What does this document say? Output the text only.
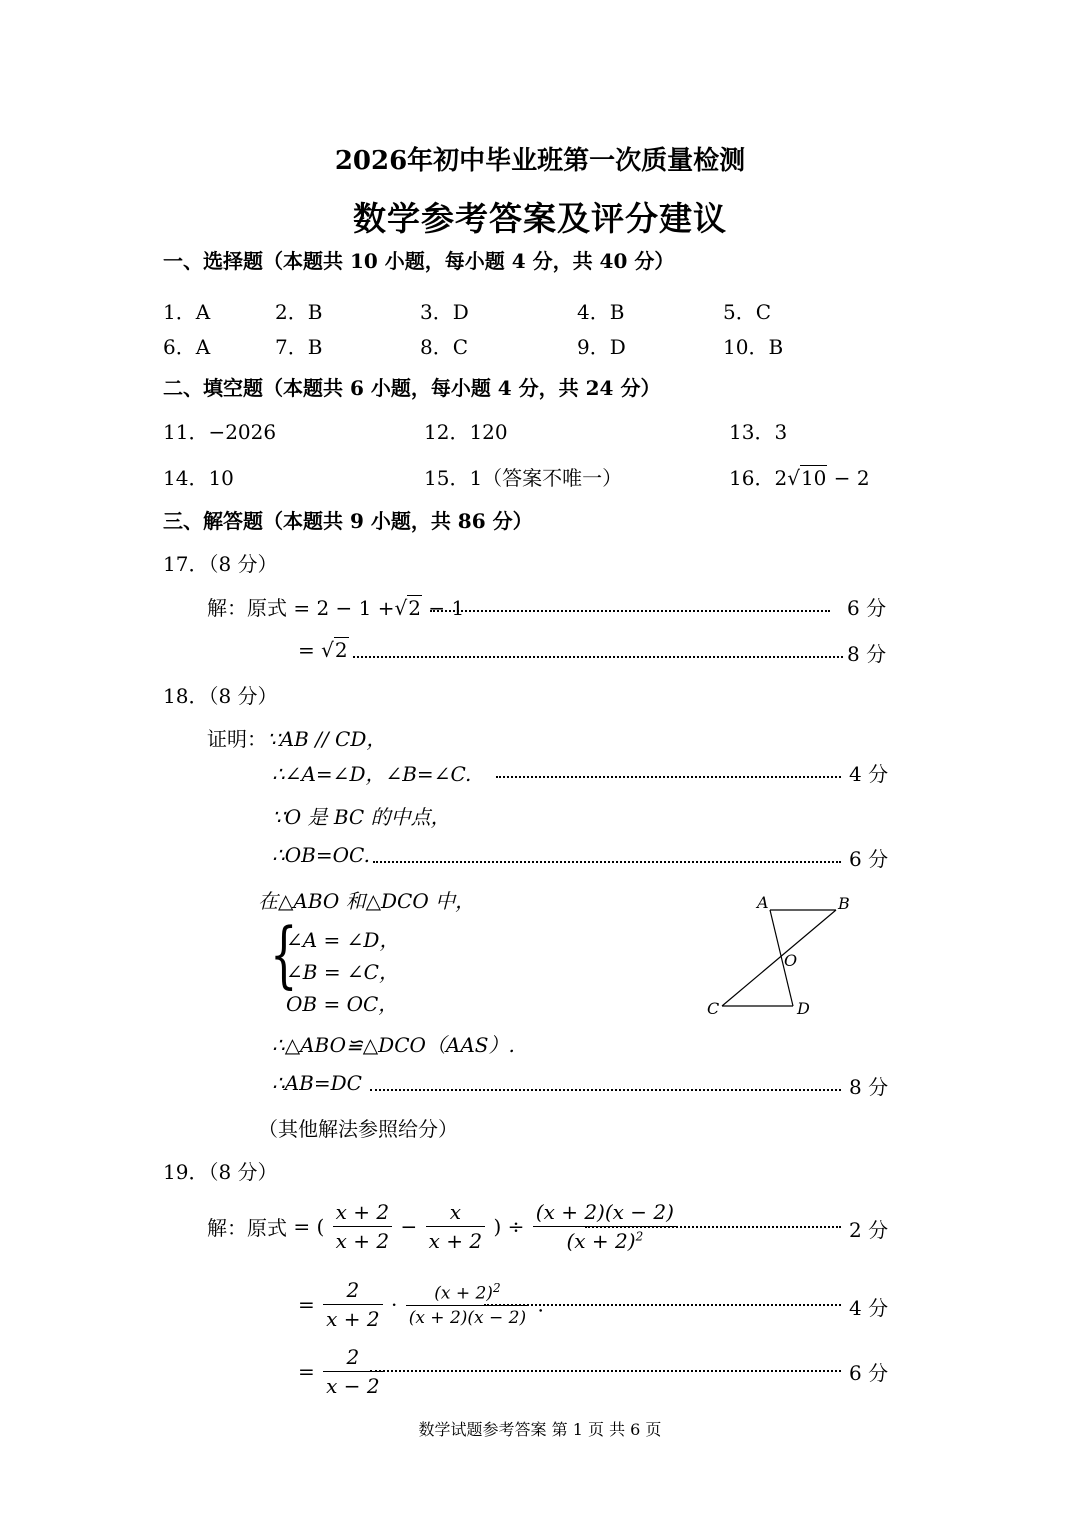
2026年初中毕业班第一次质量检测
数学参考答案及评分建议
一、选择题（本题共 10 小题，每小题 4 分，共 40 分）
1．A	2．B	3．D	4．B	5．C
6．A	7．B	8．C	9．D	10．B
二、填空题（本题共 6 小题，每小题 4 分，共 24 分）
11．−2026	12．120	13．3
14．10	15．1（答案不唯一）	16．2√10 − 2
三、解答题（本题共 9 小题，共 86 分）
17．（8 分）
解：原式 = 2 − 1 +√2 − 1	6 分
= √2	8 分
18．（8 分）
证明：∵AB // CD，
∴∠A=∠D，∠B=∠C.	4 分
∵O 是 BC 的中点，
∴OB=OC.	6 分
在△ABO 和△DCO 中，
{
∠A = ∠D，
∠B = ∠C，
OB = OC，
A	B
O
C	D
∴△ABO≌△DCO（AAS）.
∴AB=DC	8 分
（其他解法参照给分）
19．（8 分）
解：原式 = ( $\frac{x + 2}{x + 2} - \frac{x}{x + 2}$ ) ÷ $\frac{(x + 2)(x - 2)}{(x + 2)^2}$	2 分
= $\frac{2}{x + 2} \cdot \frac{(x + 2)^2}{(x + 2)(x - 2)}$ .	4 分
= $\frac{2}{x - 2}$	6 分
数学试题参考答案 第 1 页 共 6 页
